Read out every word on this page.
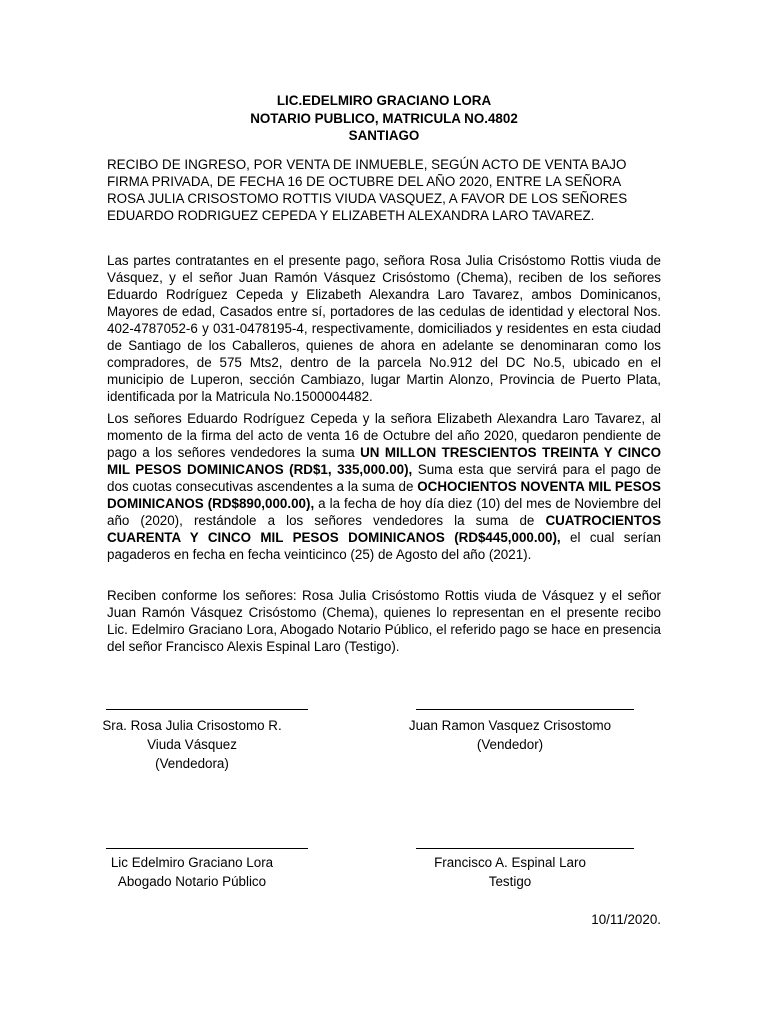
LIC.EDELMIRO GRACIANO LORA
NOTARIO PUBLICO, MATRICULA NO.4802
SANTIAGO
RECIBO DE INGRESO, POR VENTA DE INMUEBLE, SEGÚN ACTO DE VENTA BAJO FIRMA PRIVADA, DE FECHA 16 DE OCTUBRE DEL AÑO 2020, ENTRE LA SEÑORA ROSA JULIA CRISOSTOMO ROTTIS VIUDA VASQUEZ, A FAVOR DE LOS SEÑORES EDUARDO RODRIGUEZ CEPEDA Y ELIZABETH ALEXANDRA LARO TAVAREZ.
Las partes contratantes en el presente pago, señora Rosa Julia Crisóstomo Rottis viuda de Vásquez, y el señor Juan Ramón Vásquez Crisóstomo (Chema), reciben de los señores Eduardo Rodríguez Cepeda y Elizabeth Alexandra Laro Tavarez, ambos Dominicanos, Mayores de edad, Casados entre sí, portadores de las cedulas de identidad y electoral Nos. 402-4787052-6 y 031-0478195-4, respectivamente, domiciliados y residentes en esta ciudad de Santiago de los Caballeros, quienes de ahora en adelante se denominaran como los compradores, de 575 Mts2, dentro de la parcela No.912 del DC No.5, ubicado en el municipio de Luperon, sección Cambiazo, lugar Martin Alonzo, Provincia de Puerto Plata, identificada por la Matricula No.1500004482.
Los señores Eduardo Rodríguez Cepeda y la señora Elizabeth Alexandra Laro Tavarez, al momento de la firma del acto de venta 16 de Octubre del año 2020, quedaron pendiente de pago a los señores vendedores la suma UN MILLON TRESCIENTOS TREINTA Y CINCO MIL PESOS DOMINICANOS (RD$1, 335,000.00), Suma esta que servirá para el pago de dos cuotas consecutivas ascendentes a la suma de OCHOCIENTOS NOVENTA MIL PESOS DOMINICANOS (RD$890,000.00), a la fecha de hoy día diez (10) del mes de Noviembre del año (2020), restándole a los señores vendedores la suma de CUATROCIENTOS CUARENTA Y CINCO MIL PESOS DOMINICANOS (RD$445,000.00), el cual serían pagaderos en fecha en fecha veinticinco (25) de Agosto del año (2021).
Reciben conforme los señores: Rosa Julia Crisóstomo Rottis viuda de Vásquez y el señor Juan Ramón Vásquez Crisóstomo (Chema), quienes lo representan en el presente recibo Lic. Edelmiro Graciano Lora, Abogado Notario Público, el referido pago se hace en presencia del señor Francisco Alexis Espinal Laro (Testigo).
Sra. Rosa Julia Crisostomo R.
Viuda Vásquez
(Vendedora)
Juan Ramon Vasquez Crisostomo
(Vendedor)
Lic Edelmiro Graciano Lora
Abogado Notario Público
Francisco A. Espinal Laro
Testigo
10/11/2020.
